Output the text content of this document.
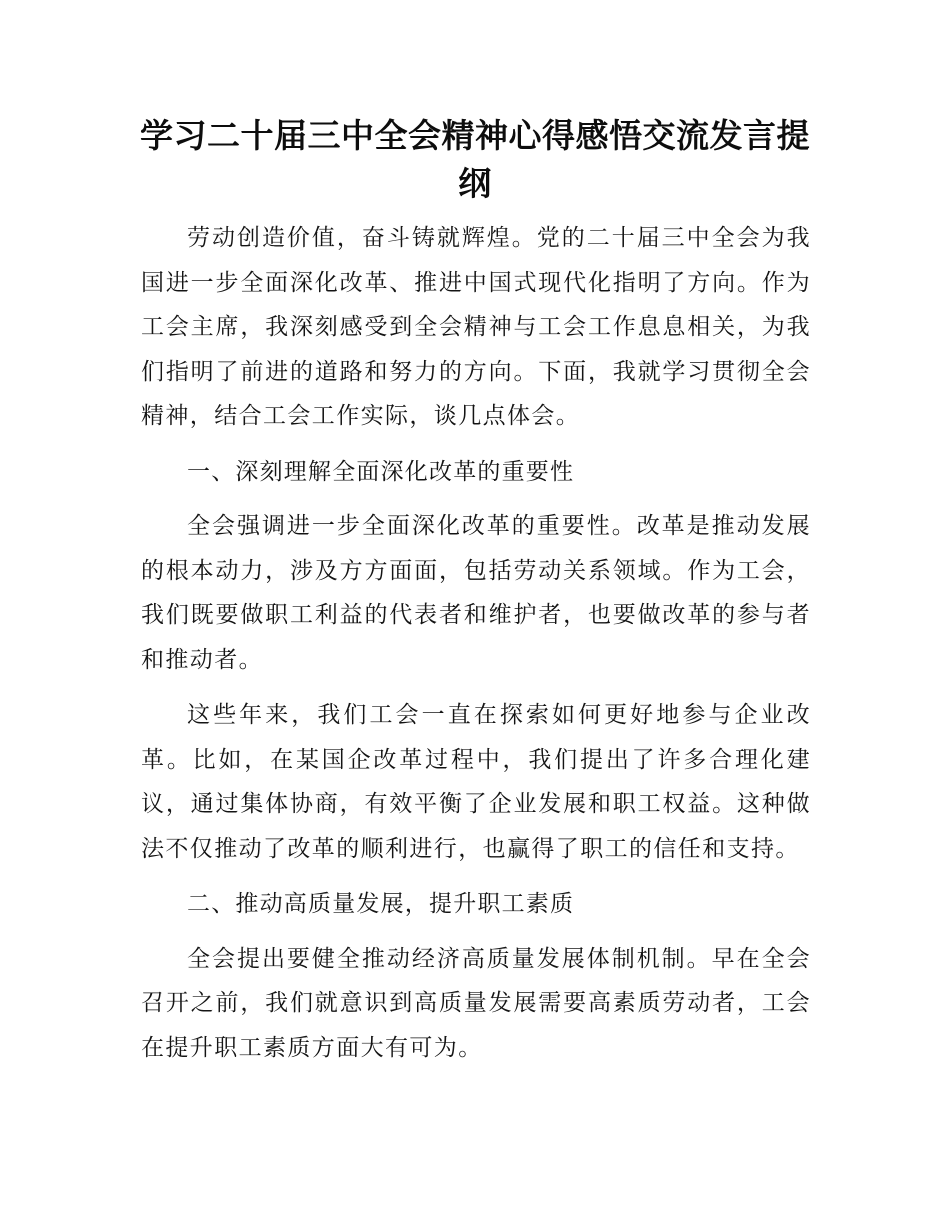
学习二十届三中全会精神心得感悟交流发言提纲

劳动创造价值，奋斗铸就辉煌。党的二十届三中全会为我国进一步全面深化改革、推进中国式现代化指明了方向。作为工会主席，我深刻感受到全会精神与工会工作息息相关，为我们指明了前进的道路和努力的方向。下面，我就学习贯彻全会精神，结合工会工作实际，谈几点体会。

一、深刻理解全面深化改革的重要性

全会强调进一步全面深化改革的重要性。改革是推动发展的根本动力，涉及方方面面，包括劳动关系领域。作为工会，我们既要做职工利益的代表者和维护者，也要做改革的参与者和推动者。

这些年来，我们工会一直在探索如何更好地参与企业改革。比如，在某国企改革过程中，我们提出了许多合理化建议，通过集体协商，有效平衡了企业发展和职工权益。这种做法不仅推动了改革的顺利进行，也赢得了职工的信任和支持。

二、推动高质量发展，提升职工素质

全会提出要健全推动经济高质量发展体制机制。早在全会召开之前，我们就意识到高质量发展需要高素质劳动者，工会在提升职工素质方面大有可为。
